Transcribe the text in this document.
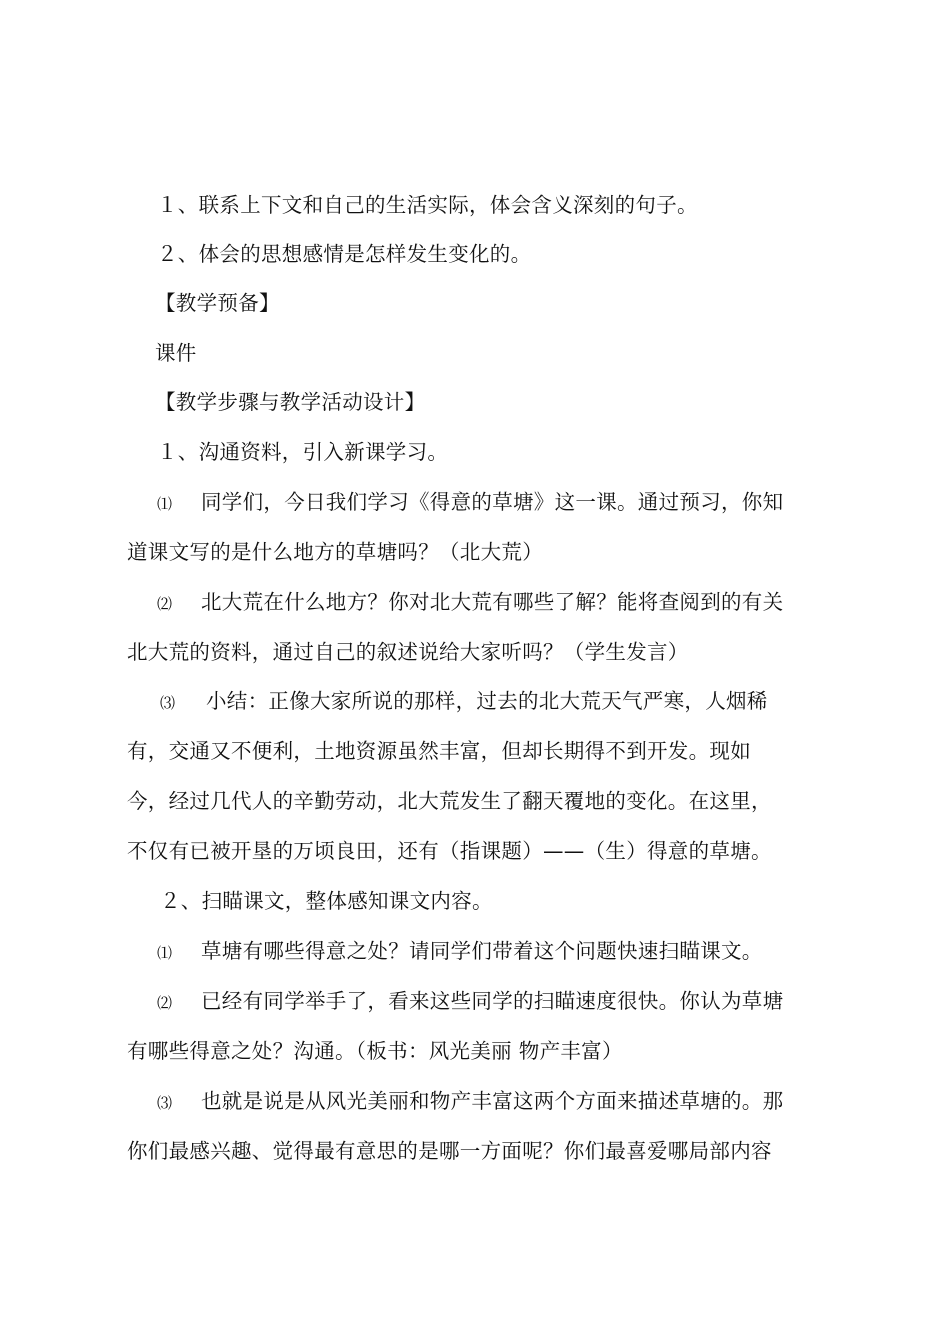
１、联系上下文和自己的生活实际，体会含义深刻的句子。
２、体会的思想感情是怎样发生变化的。
【教学预备】
课件
【教学步骤与教学活动设计】
１、沟通资料，引入新课学习。
⑴ 同学们，今日我们学习《得意的草塘》这一课。通过预习，你知
道课文写的是什么地方的草塘吗？（北大荒）
⑵ 北大荒在什么地方？你对北大荒有哪些了解？能将查阅到的有关
北大荒的资料，通过自己的叙述说给大家听吗？（学生发言）
⑶ 小结：正像大家所说的那样，过去的北大荒天气严寒，人烟稀
有，交通又不便利，土地资源虽然丰富，但却长期得不到开发。现如
今，经过几代人的辛勤劳动，北大荒发生了翻天覆地的变化。在这里，
不仅有已被开垦的万顷良田，还有（指课题）——（生）得意的草塘。
２、扫瞄课文，整体感知课文内容。
⑴ 草塘有哪些得意之处？请同学们带着这个问题快速扫瞄课文。
⑵ 已经有同学举手了，看来这些同学的扫瞄速度很快。你认为草塘
有哪些得意之处？沟通。（板书：风光美丽 物产丰富）
⑶ 也就是说是从风光美丽和物产丰富这两个方面来描述草塘的。那
你们最感兴趣、觉得最有意思的是哪一方面呢？你们最喜爱哪局部内容
